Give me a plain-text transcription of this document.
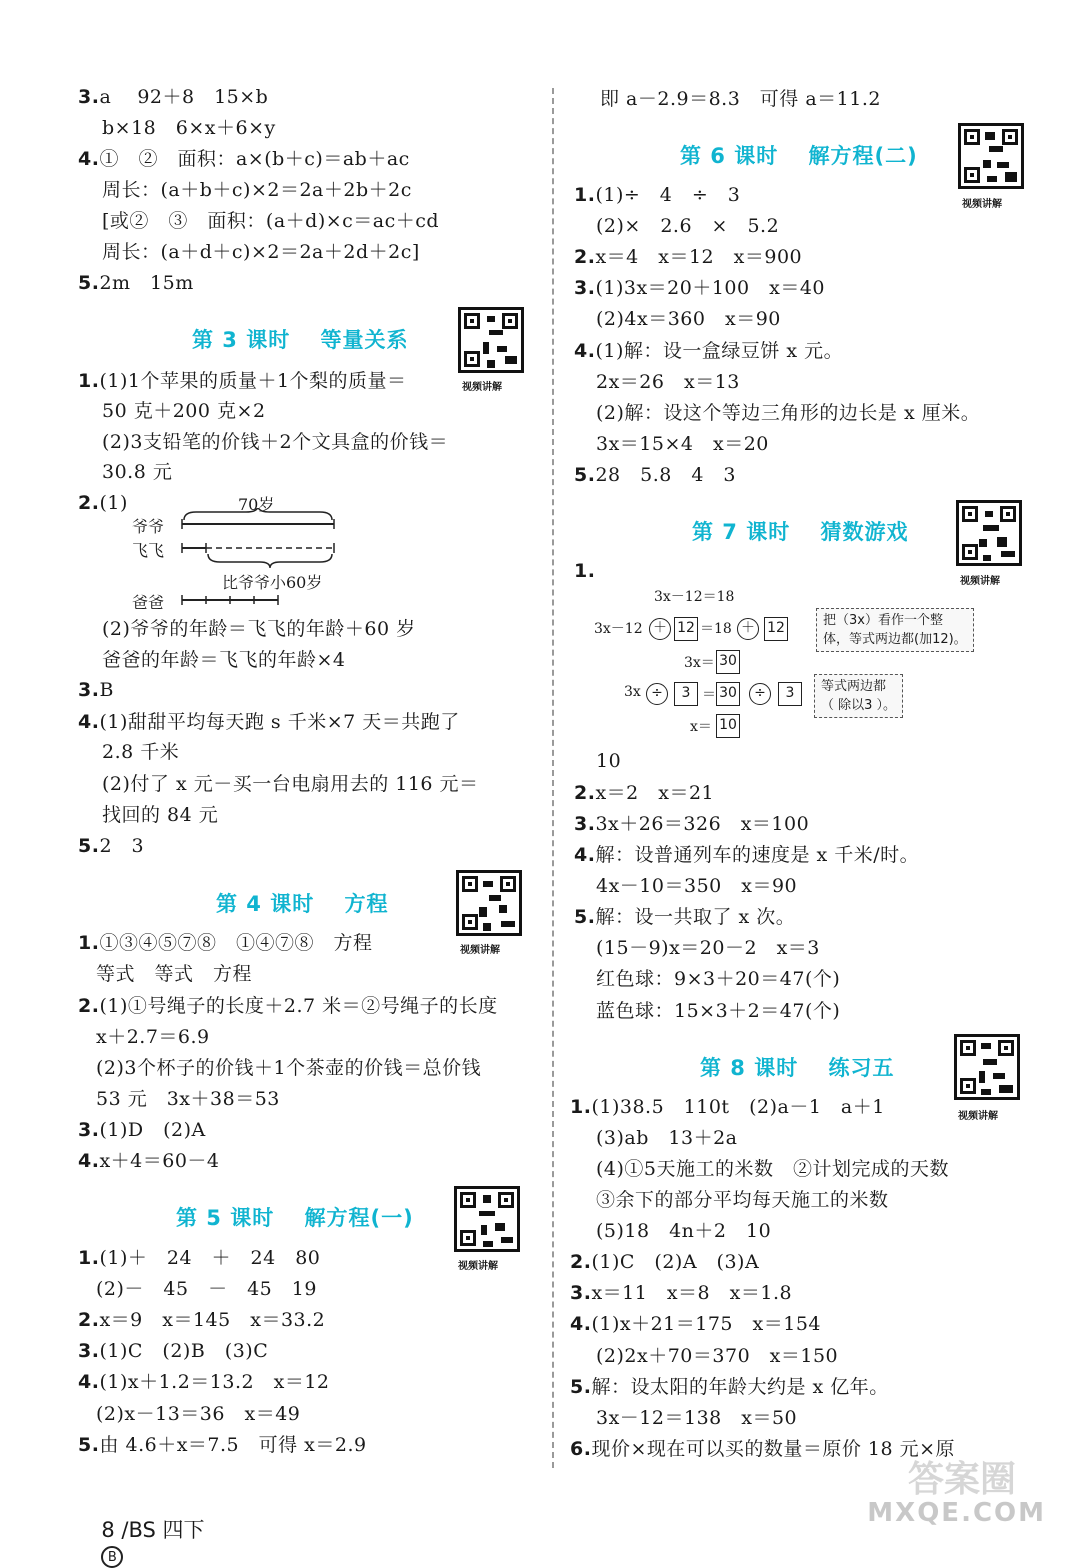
3.a　 92＋8　15×b
b×18　6×x＋6×y
4.①　②　面积：a×(b＋c)＝ab＋ac
周长：(a＋b＋c)×2＝2a＋2b＋2c
[或②　③　面积：(a＋d)×c＝ac＋cd
周长：(a＋d＋c)×2＝2a＋2d＋2c]
5.2m　15m
第 3 课时　 等量关系
视频讲解
1.(1)1个苹果的质量＋1个梨的质量＝
50 克＋200 克×2
(2)3支铅笔的价钱＋2个文具盒的价钱＝
30.8 元
2.(1)	70岁
爷爷
飞飞
比爷爷小60岁
爸爸
(2)爷爷的年龄＝飞飞的年龄＋60 岁
爸爸的年龄＝飞飞的年龄×4
3.B
4.(1)甜甜平均每天跑 s 千米×7 天＝共跑了
2.8 千米
(2)付了 x 元－买一台电扇用去的 116 元＝
找回的 84 元
5.2　3
第 4 课时　 方程
视频讲解
1.①③④⑤⑦⑧　①④⑦⑧　方程
等式　等式　方程
2.(1)①号绳子的长度＋2.7 米＝②号绳子的长度
x＋2.7＝6.9
(2)3个杯子的价钱＋1个茶壶的价钱＝总价钱
53 元　3x＋38＝53
3.(1)D　(2)A
4.x＋4＝60－4
第 5 课时　 解方程(一)
视频讲解
1.(1)＋　24　＋　24　80
(2)－　45　－　45　19
2.x＝9　x＝145　x＝33.2
3.(1)C　(2)B　(3)C
4.(1)x＋1.2＝13.2　x＝12
(2)x－13＝36　x＝49
5.由 4.6＋x＝7.5　可得 x＝2.9
即 a－2.9＝8.3　可得 a＝11.2
第 6 课时　 解方程(二)
视频讲解
1.(1)÷　4　÷　3
(2)×　2.6　×　5.2
2.x＝4　x＝12　x＝900
3.(1)3x＝20＋100　x＝40
(2)4x＝360　x＝90
4.(1)解：设一盒绿豆饼 x 元。
2x＝26　x＝13
(2)解：设这个等边三角形的边长是 x 厘米。
3x＝15×4　x＝20
5.28　5.8　4　3
第 7 课时　 猜数游戏
视频讲解
1.
3x－12＝18
3x－12 ＋ 12 ＝18 ＋ 12	把（3x）看作一个整
体，等式两边都(加12)。
3x＝ 30
3x ÷	3 ＝ 30	÷	3	等式两边都
（ 除以3 ）。
x＝ 10
10
2.x＝2　x＝21
3.3x＋26＝326　x＝100
4.解：设普通列车的速度是 x 千米/时。
4x－10＝350　x＝90
5.解：设一共取了 x 次。
(15－9)x＝20－2　x＝3
红色球：9×3＋20＝47(个)
蓝色球：15×3＋2＝47(个)
第 8 课时　 练习五
视频讲解
1.(1)38.5　110t　(2)a－1　a＋1
(3)ab　13＋2a
(4)①5天施工的米数　②计划完成的天数
③余下的部分平均每天施工的米数
(5)18　4n＋2　10
2.(1)C　(2)A　(3)A
3.x＝11　x＝8　x＝1.8
4.(1)x＋21＝175　x＝154
(2)2x＋70＝370　x＝150
5.解：设太阳的年龄大约是 x 亿年。
3x－12＝138　x＝50
6.现价×现在可以买的数量＝原价 18 元×原

8 /BS 四下
B

答案圈
MXQE.COM
